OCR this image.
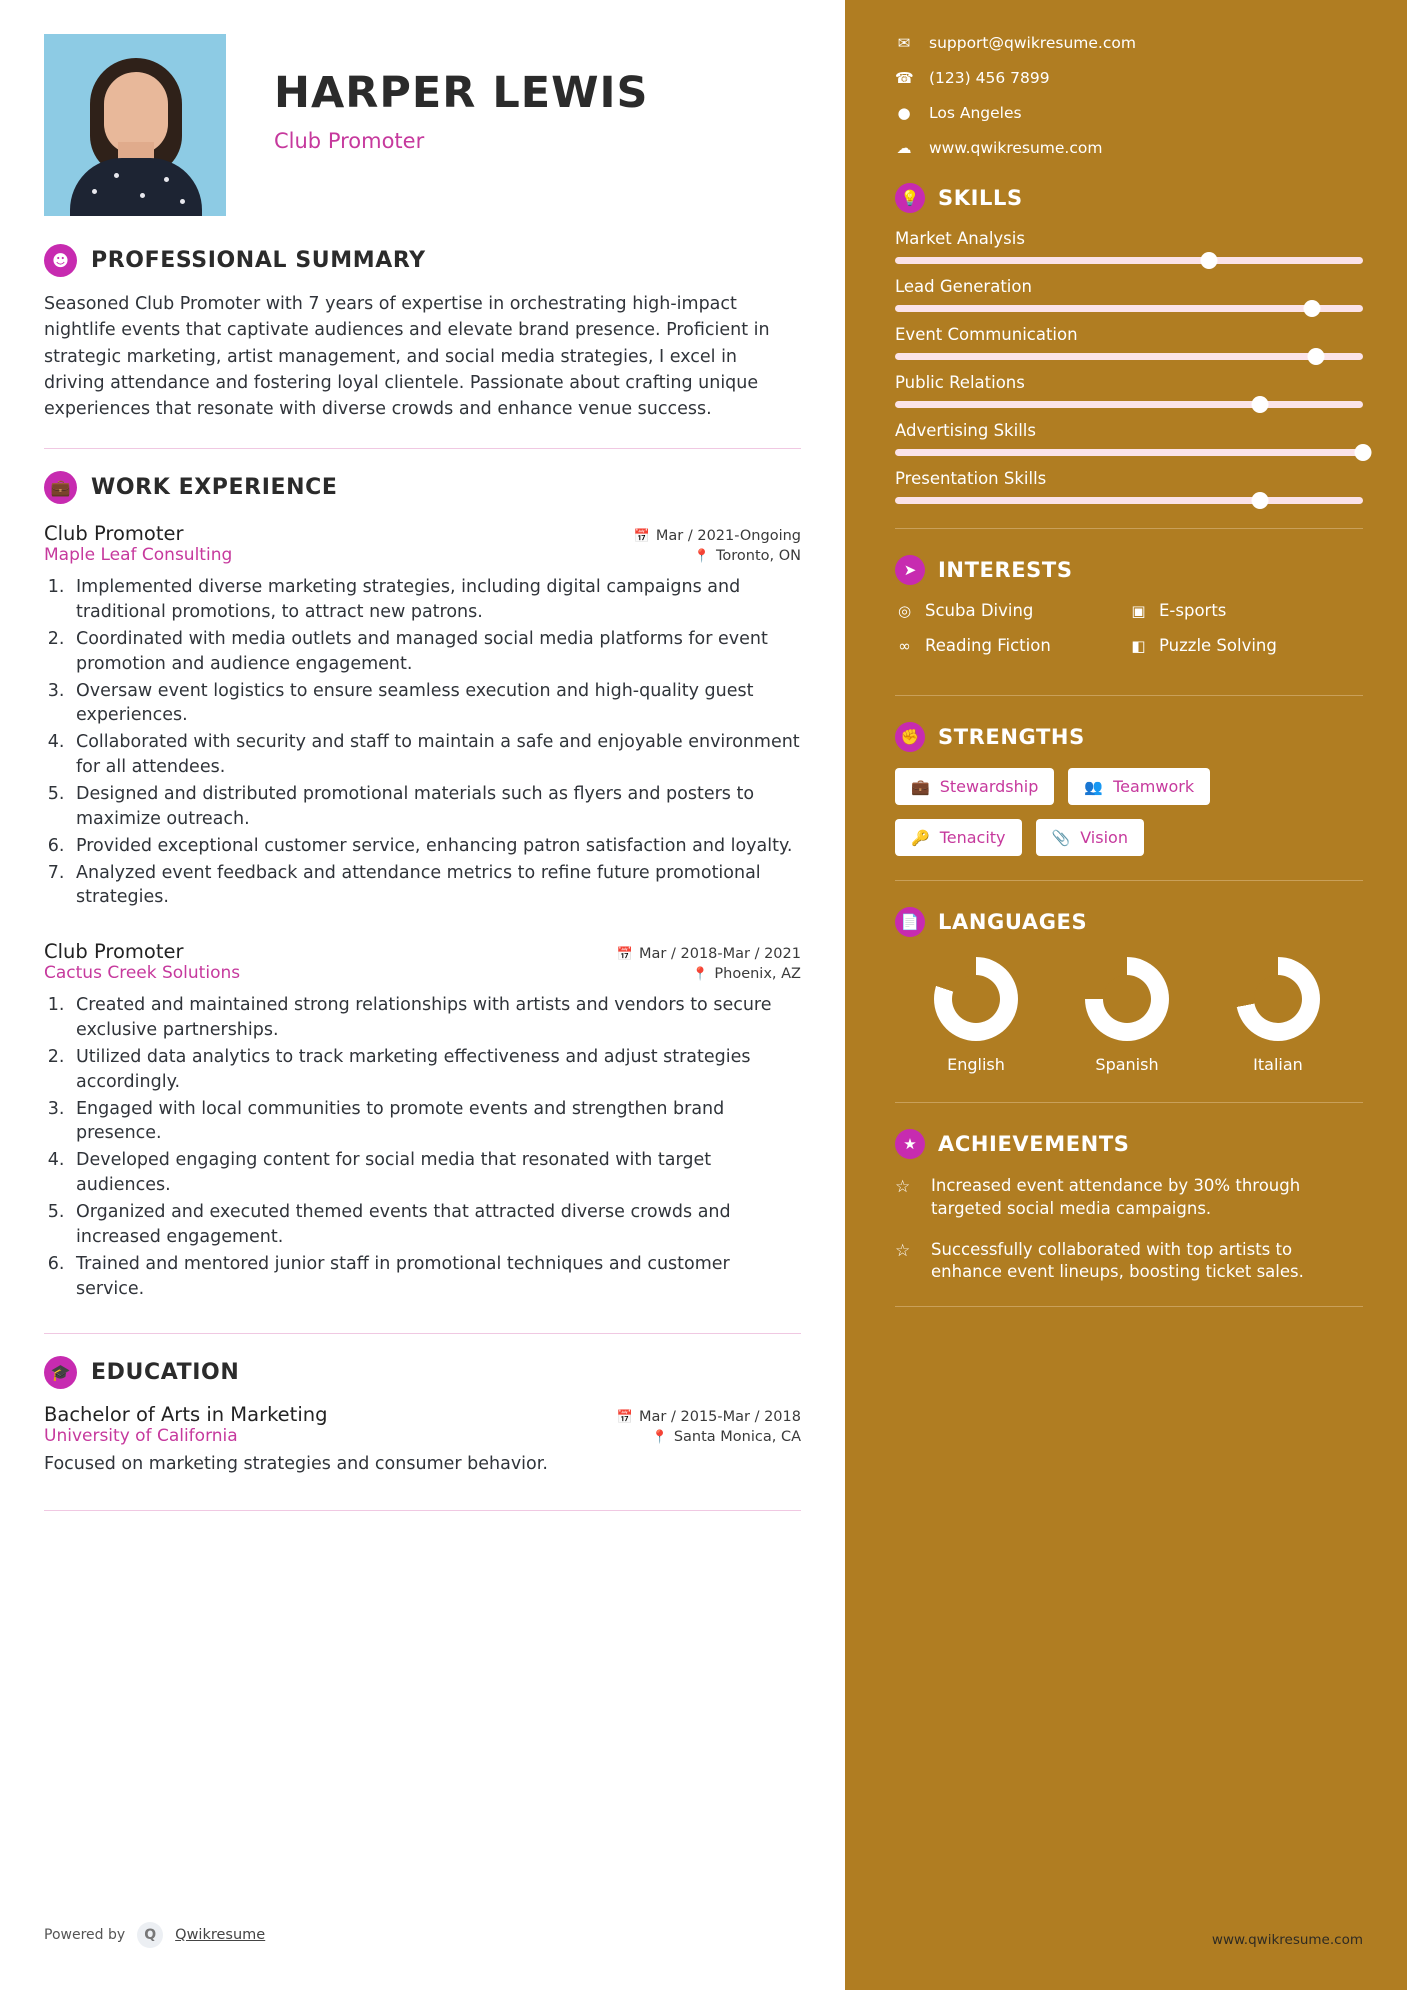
HARPER LEWIS
Club Promoter
☻	PROFESSIONAL SUMMARY
Seasoned Club Promoter with 7 years of expertise in orchestrating high-impact nightlife events that captivate audiences and elevate brand presence. Proficient in strategic marketing, artist management, and social media strategies, I excel in driving attendance and fostering loyal clientele. Passionate about crafting unique experiences that resonate with diverse crowds and enhance venue success.
💼 WORK EXPERIENCE
Club Promoter	📅 Mar / 2021-Ongoing
Maple Leaf Consulting	📍 Toronto, ON
1. Implemented diverse marketing strategies, including digital campaigns and traditional promotions, to attract new patrons.
2. Coordinated with media outlets and managed social media platforms for event promotion and audience engagement.
3. Oversaw event logistics to ensure seamless execution and high-quality guest experiences.
4. Collaborated with security and staff to maintain a safe and enjoyable environment for all attendees.
5. Designed and distributed promotional materials such as flyers and posters to maximize outreach.
6. Provided exceptional customer service, enhancing patron satisfaction and loyalty.
7. Analyzed event feedback and attendance metrics to refine future promotional strategies.
Club Promoter	📅 Mar / 2018-Mar / 2021
Cactus Creek Solutions	📍 Phoenix, AZ
1. Created and maintained strong relationships with artists and vendors to secure exclusive partnerships.
2. Utilized data analytics to track marketing effectiveness and adjust strategies accordingly.
3. Engaged with local communities to promote events and strengthen brand presence.
4. Developed engaging content for social media that resonated with target audiences.
5. Organized and executed themed events that attracted diverse crowds and increased engagement.
6. Trained and mentored junior staff in promotional techniques and customer service.
🎓 EDUCATION
Bachelor of Arts in Marketing	📅 Mar / 2015-Mar / 2018
University of California	📍 Santa Monica, CA
Focused on marketing strategies and consumer behavior.
Powered by	Q	Qwikresume
✉ support@qwikresume.com
☎ (123) 456 7899
● Los Angeles
☁ www.qwikresume.com
💡 SKILLS
Market Analysis
Lead Generation
Event Communication
Public Relations
Advertising Skills
Presentation Skills
➤	INTERESTS
◎ Scuba Diving	▣ E-sports
∞ Reading Fiction	◧ Puzzle Solving
✊ STRENGTHS
💼 Stewardship	👥 Teamwork
🔑 Tenacity	📎 Vision
📄 LANGUAGES
English	Spanish	Italian
★	ACHIEVEMENTS
☆	Increased event attendance by 30% through targeted social media campaigns.
☆	Successfully collaborated with top artists to enhance event lineups, boosting ticket sales.
www.qwikresume.com
